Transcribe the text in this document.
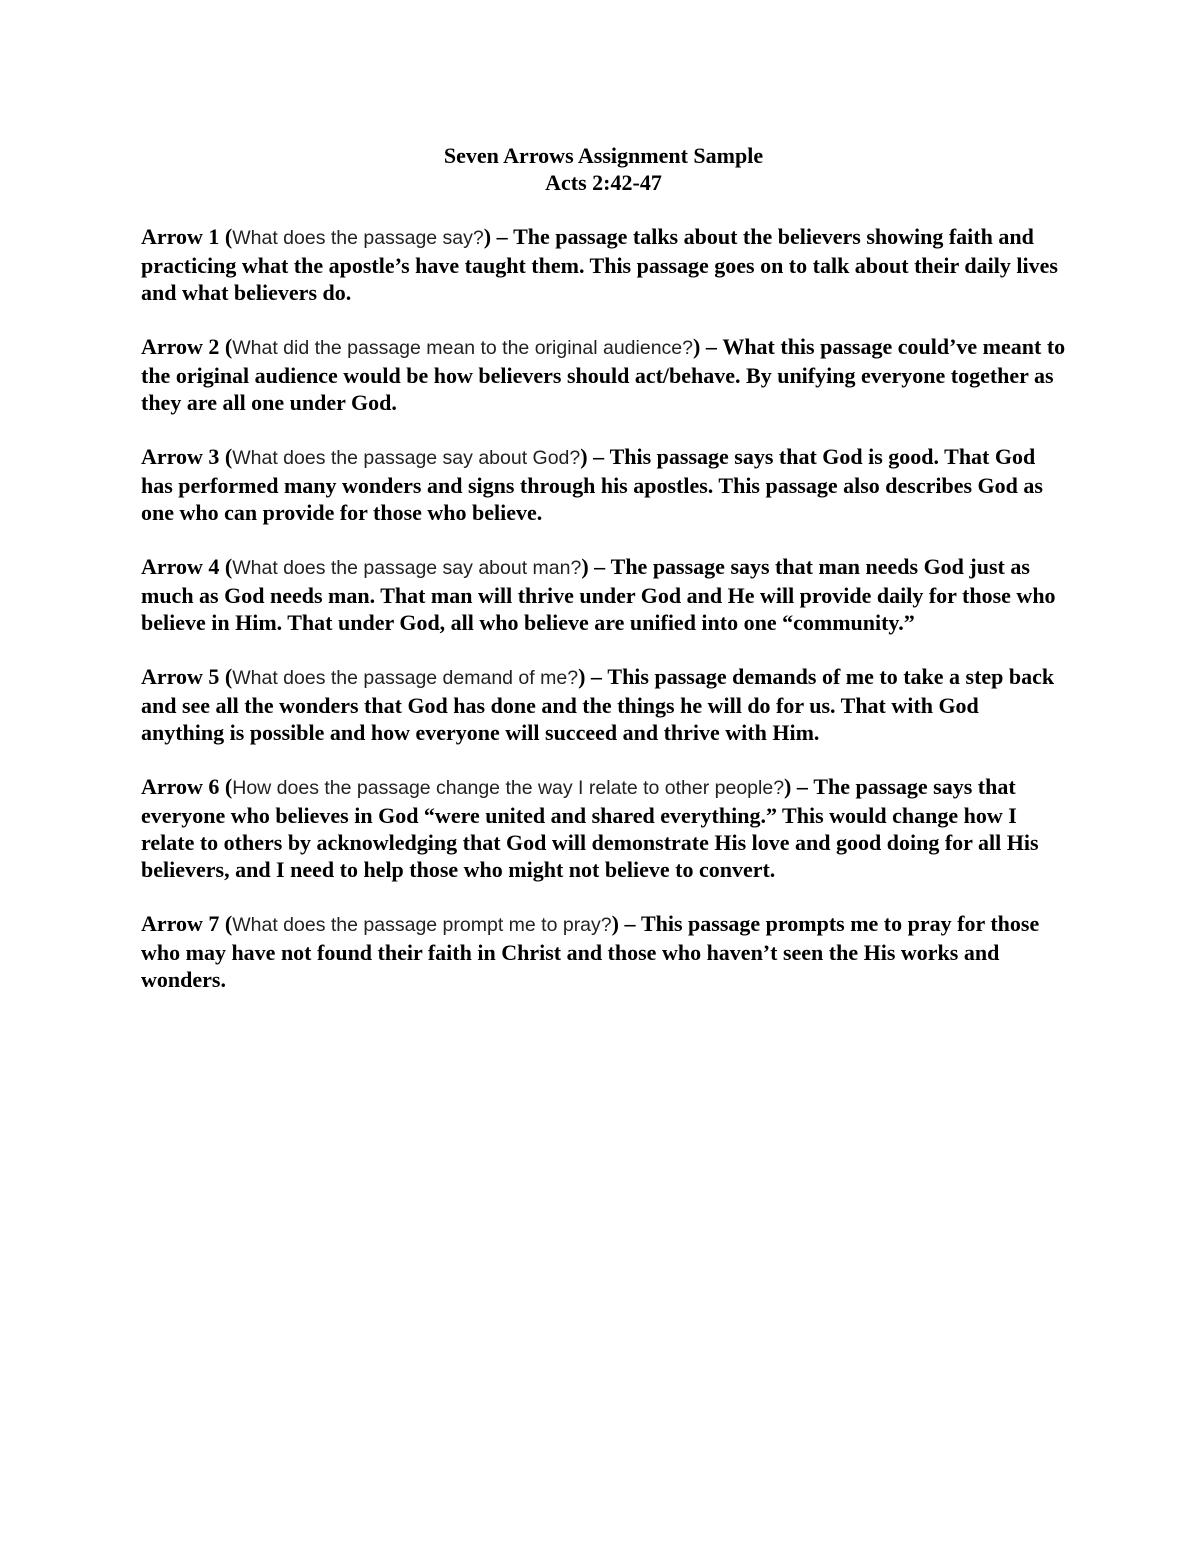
Seven Arrows Assignment Sample
Acts 2:42-47

Arrow 1 (What does the passage say?) – The passage talks about the believers showing faith and practicing what the apostle’s have taught them. This passage goes on to talk about their daily lives and what believers do.

Arrow 2 (What did the passage mean to the original audience?) – What this passage could’ve meant to the original audience would be how believers should act/behave. By unifying everyone together as they are all one under God.

Arrow 3 (What does the passage say about God?) – This passage says that God is good. That God has performed many wonders and signs through his apostles. This passage also describes God as one who can provide for those who believe.

Arrow 4 (What does the passage say about man?) – The passage says that man needs God just as much as God needs man. That man will thrive under God and He will provide daily for those who believe in Him. That under God, all who believe are unified into one “community.”

Arrow 5 (What does the passage demand of me?) – This passage demands of me to take a step back and see all the wonders that God has done and the things he will do for us. That with God anything is possible and how everyone will succeed and thrive with Him.

Arrow 6 (How does the passage change the way I relate to other people?) – The passage says that everyone who believes in God “were united and shared everything.” This would change how I relate to others by acknowledging that God will demonstrate His love and good doing for all His believers, and I need to help those who might not believe to convert.

Arrow 7 (What does the passage prompt me to pray?) – This passage prompts me to pray for those who may have not found their faith in Christ and those who haven’t seen the His works and wonders.
